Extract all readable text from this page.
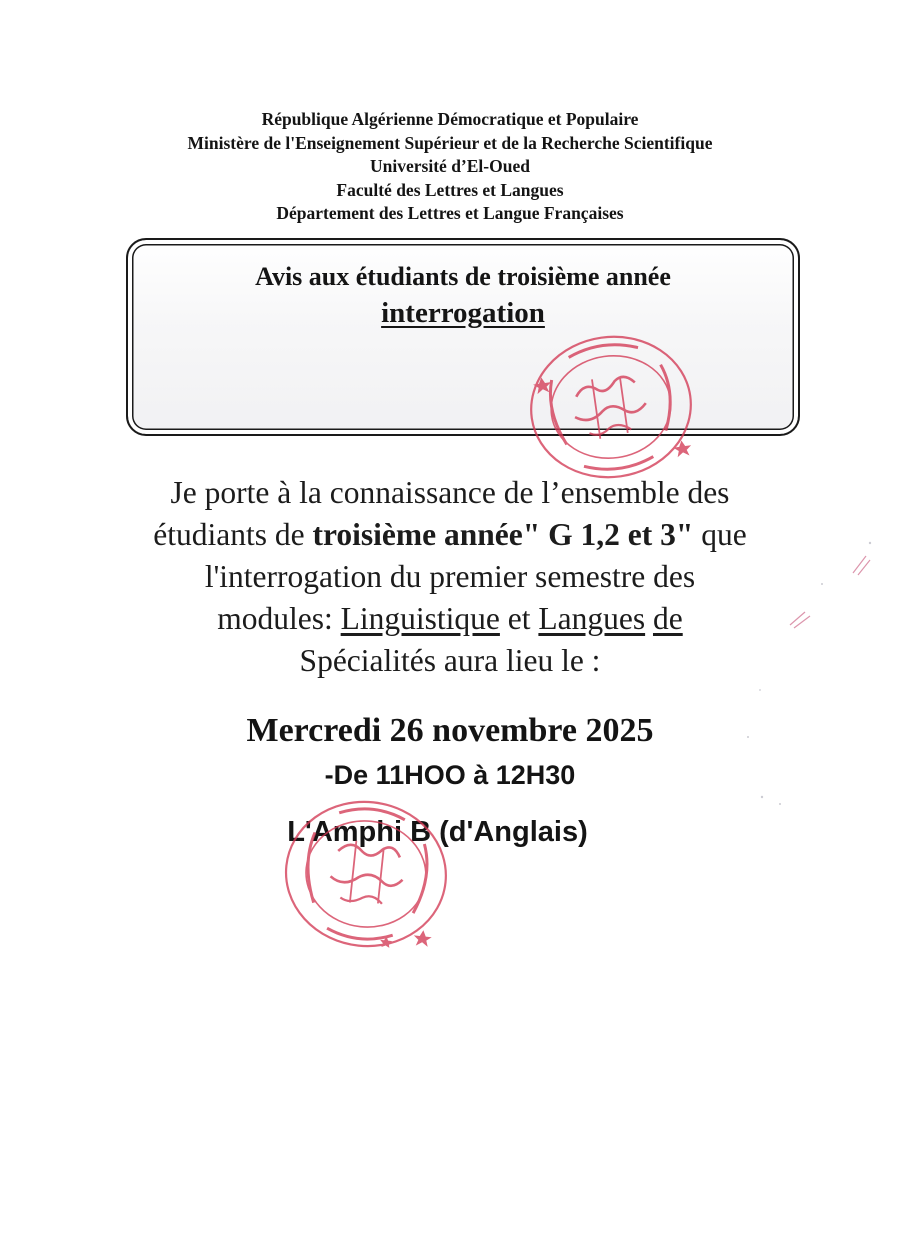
République Algérienne Démocratique et Populaire
Ministère de l'Enseignement Supérieur et de la Recherche Scientifique
Université d’El-Oued
Faculté des Lettres et Langues
Département des Lettres et Langue Françaises
Avis aux étudiants de troisième année
interrogation
Je porte à la connaissance de l’ensemble des
étudiants de troisième année" G 1,2 et 3" que
l'interrogation du premier semestre des
modules: Linguistique et Langues de
Spécialités aura lieu le :
Mercredi 26 novembre 2025
-De 11HOO à 12H30
L'Amphi B (d'Anglais)
